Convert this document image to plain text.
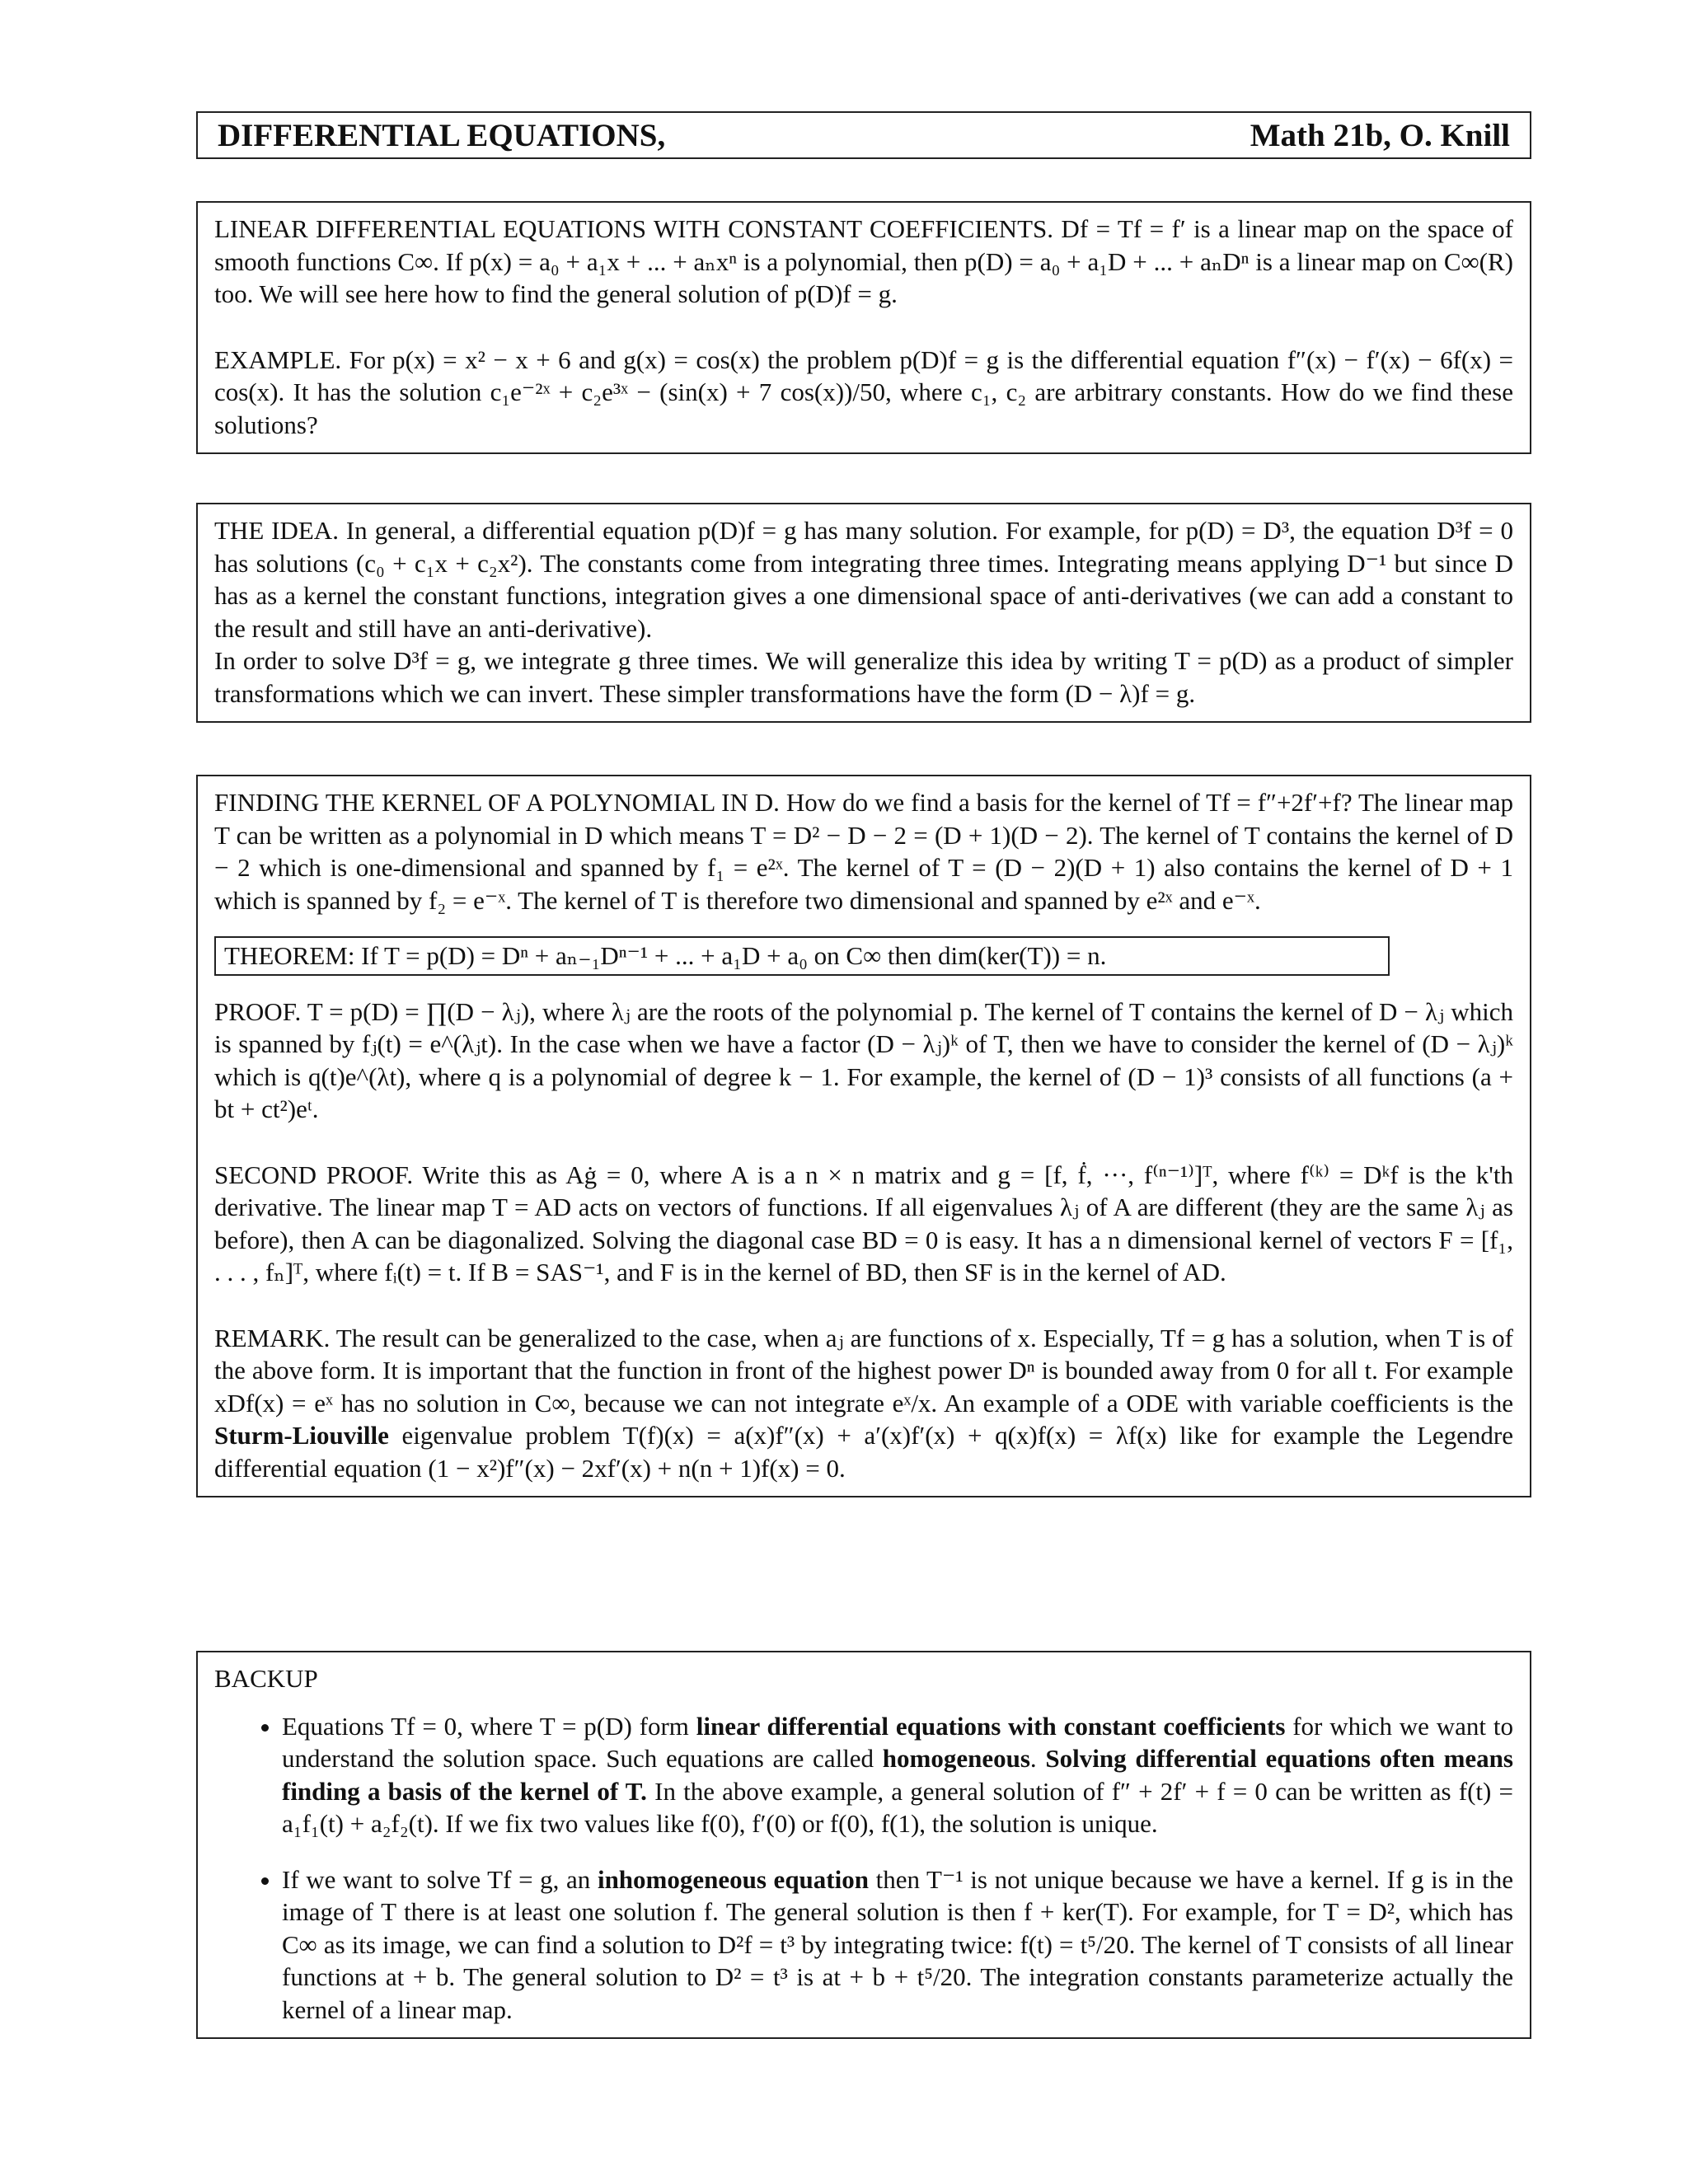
DIFFERENTIAL EQUATIONS,	Math 21b, O. Knill

LINEAR DIFFERENTIAL EQUATIONS WITH CONSTANT COEFFICIENTS. Df = Tf = f′ is a linear map on the space of smooth functions C∞. If p(x) = a₀ + a₁x + ... + aₙxⁿ is a polynomial, then p(D) = a₀ + a₁D + ... + aₙDⁿ is a linear map on C∞(R) too. We will see here how to find the general solution of p(D)f = g.

EXAMPLE. For p(x) = x² − x + 6 and g(x) = cos(x) the problem p(D)f = g is the differential equation f″(x) − f′(x) − 6f(x) = cos(x). It has the solution c₁e⁻²ˣ + c₂e³ˣ − (sin(x) + 7 cos(x))/50, where c₁, c₂ are arbitrary constants. How do we find these solutions?

THE IDEA. In general, a differential equation p(D)f = g has many solution. For example, for p(D) = D³, the equation D³f = 0 has solutions (c₀ + c₁x + c₂x²). The constants come from integrating three times. Integrating means applying D⁻¹ but since D has as a kernel the constant functions, integration gives a one dimensional space of anti-derivatives (we can add a constant to the result and still have an anti-derivative).

In order to solve D³f = g, we integrate g three times. We will generalize this idea by writing T = p(D) as a product of simpler transformations which we can invert. These simpler transformations have the form (D − λ)f = g.

FINDING THE KERNEL OF A POLYNOMIAL IN D. How do we find a basis for the kernel of Tf = f″+2f′+f? The linear map T can be written as a polynomial in D which means T = D² − D − 2 = (D + 1)(D − 2). The kernel of T contains the kernel of D − 2 which is one-dimensional and spanned by f₁ = e²ˣ. The kernel of T = (D − 2)(D + 1) also contains the kernel of D + 1 which is spanned by f₂ = e⁻ˣ. The kernel of T is therefore two dimensional and spanned by e²ˣ and e⁻ˣ.

THEOREM: If T = p(D) = Dⁿ + aₙ₋₁Dⁿ⁻¹ + ... + a₁D + a₀ on C∞ then dim(ker(T)) = n.

PROOF. T = p(D) = ∏(D − λⱼ), where λⱼ are the roots of the polynomial p. The kernel of T contains the kernel of D − λⱼ which is spanned by fⱼ(t) = e^(λⱼt). In the case when we have a factor (D − λⱼ)ᵏ of T, then we have to consider the kernel of (D − λⱼ)ᵏ which is q(t)e^(λt), where q is a polynomial of degree k − 1. For example, the kernel of (D − 1)³ consists of all functions (a + bt + ct²)eᵗ.

SECOND PROOF. Write this as Aġ = 0, where A is a n × n matrix and g = [f, ḟ, ···, f⁽ⁿ⁻¹⁾]ᵀ, where f⁽ᵏ⁾ = Dᵏf is the k'th derivative. The linear map T = AD acts on vectors of functions. If all eigenvalues λⱼ of A are different (they are the same λⱼ as before), then A can be diagonalized. Solving the diagonal case BD = 0 is easy. It has a n dimensional kernel of vectors F = [f₁, . . . , fₙ]ᵀ, where fᵢ(t) = t. If B = SAS⁻¹, and F is in the kernel of BD, then SF is in the kernel of AD.

REMARK. The result can be generalized to the case, when aⱼ are functions of x. Especially, Tf = g has a solution, when T is of the above form. It is important that the function in front of the highest power Dⁿ is bounded away from 0 for all t. For example xDf(x) = eˣ has no solution in C∞, because we can not integrate eˣ/x. An example of a ODE with variable coefficients is the Sturm-Liouville eigenvalue problem T(f)(x) = a(x)f″(x) + a′(x)f′(x) + q(x)f(x) = λf(x) like for example the Legendre differential equation (1 − x²)f″(x) − 2xf′(x) + n(n + 1)f(x) = 0.

BACKUP

• Equations Tf = 0, where T = p(D) form linear differential equations with constant coefficients for which we want to understand the solution space. Such equations are called homogeneous. Solving differential equations often means finding a basis of the kernel of T. In the above example, a general solution of f″ + 2f′ + f = 0 can be written as f(t) = a₁f₁(t) + a₂f₂(t). If we fix two values like f(0), f′(0) or f(0), f(1), the solution is unique.
• If we want to solve Tf = g, an inhomogeneous equation then T⁻¹ is not unique because we have a kernel. If g is in the image of T there is at least one solution f. The general solution is then f + ker(T). For example, for T = D², which has C∞ as its image, we can find a solution to D²f = t³ by integrating twice: f(t) = t⁵/20. The kernel of T consists of all linear functions at + b. The general solution to D² = t³ is at + b + t⁵/20. The integration constants parameterize actually the kernel of a linear map.
